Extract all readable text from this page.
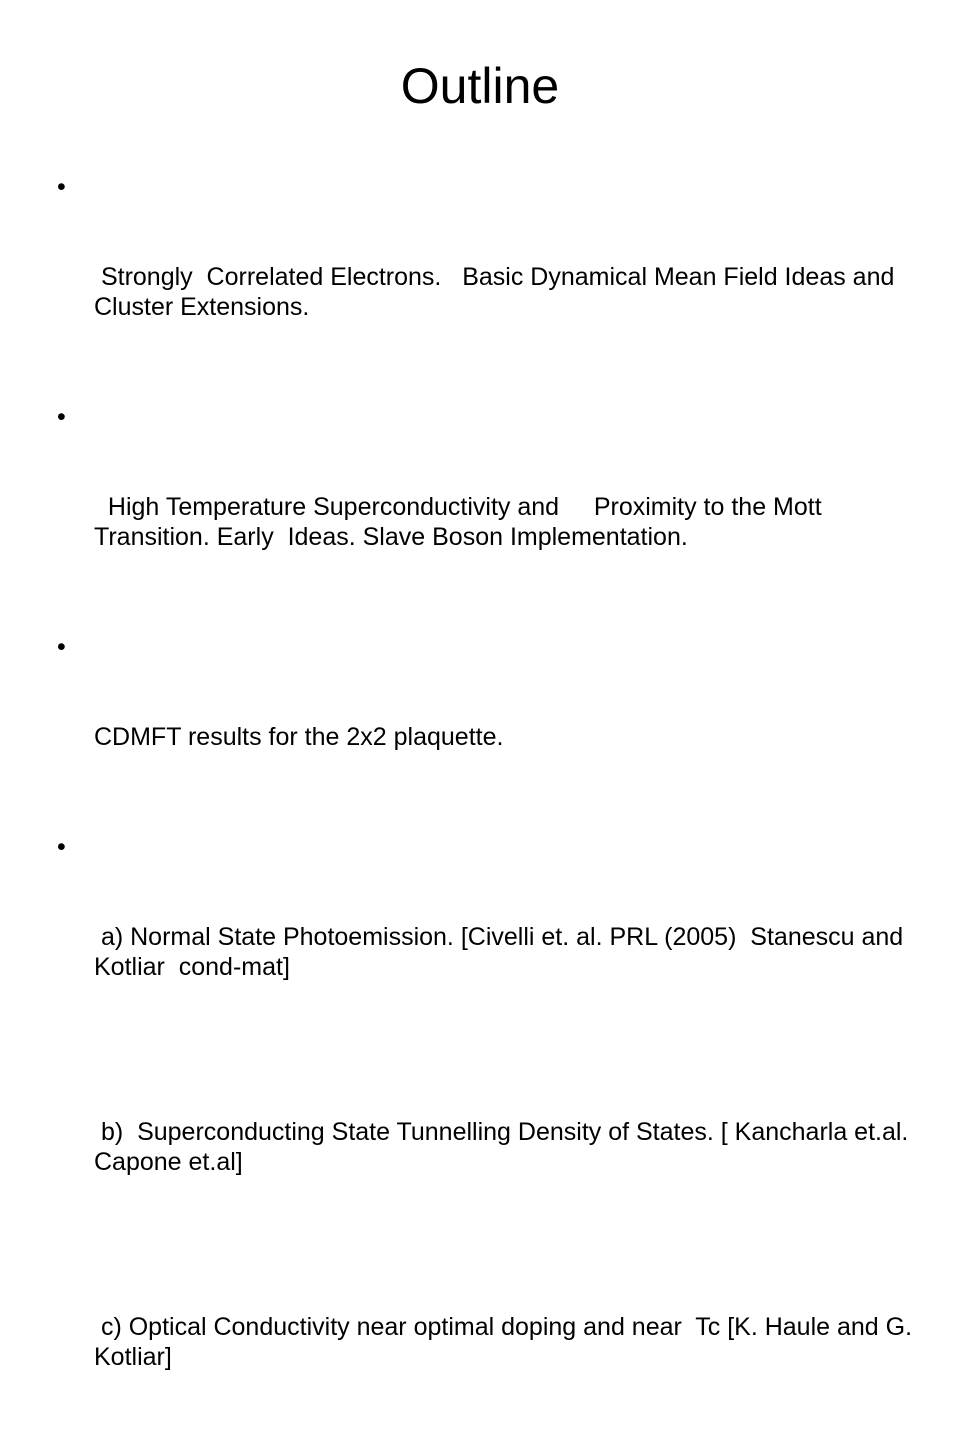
Outline

•

Strongly  Correlated Electrons.   Basic Dynamical Mean Field Ideas and    Cluster Extensions.

•

High Temperature Superconductivity and     Proximity to the Mott Transition. Early  Ideas. Slave Boson Implementation.

•

CDMFT results for the 2x2 plaquette.

•

a) Normal State Photoemission. [Civelli et. al. PRL (2005)  Stanescu and Kotliar  cond-mat]

b)  Superconducting State Tunnelling Density of States. [ Kancharla et.al. Capone et.al]

c) Optical Conductivity near optimal doping and near  Tc [K. Haule and G. Kotliar]
